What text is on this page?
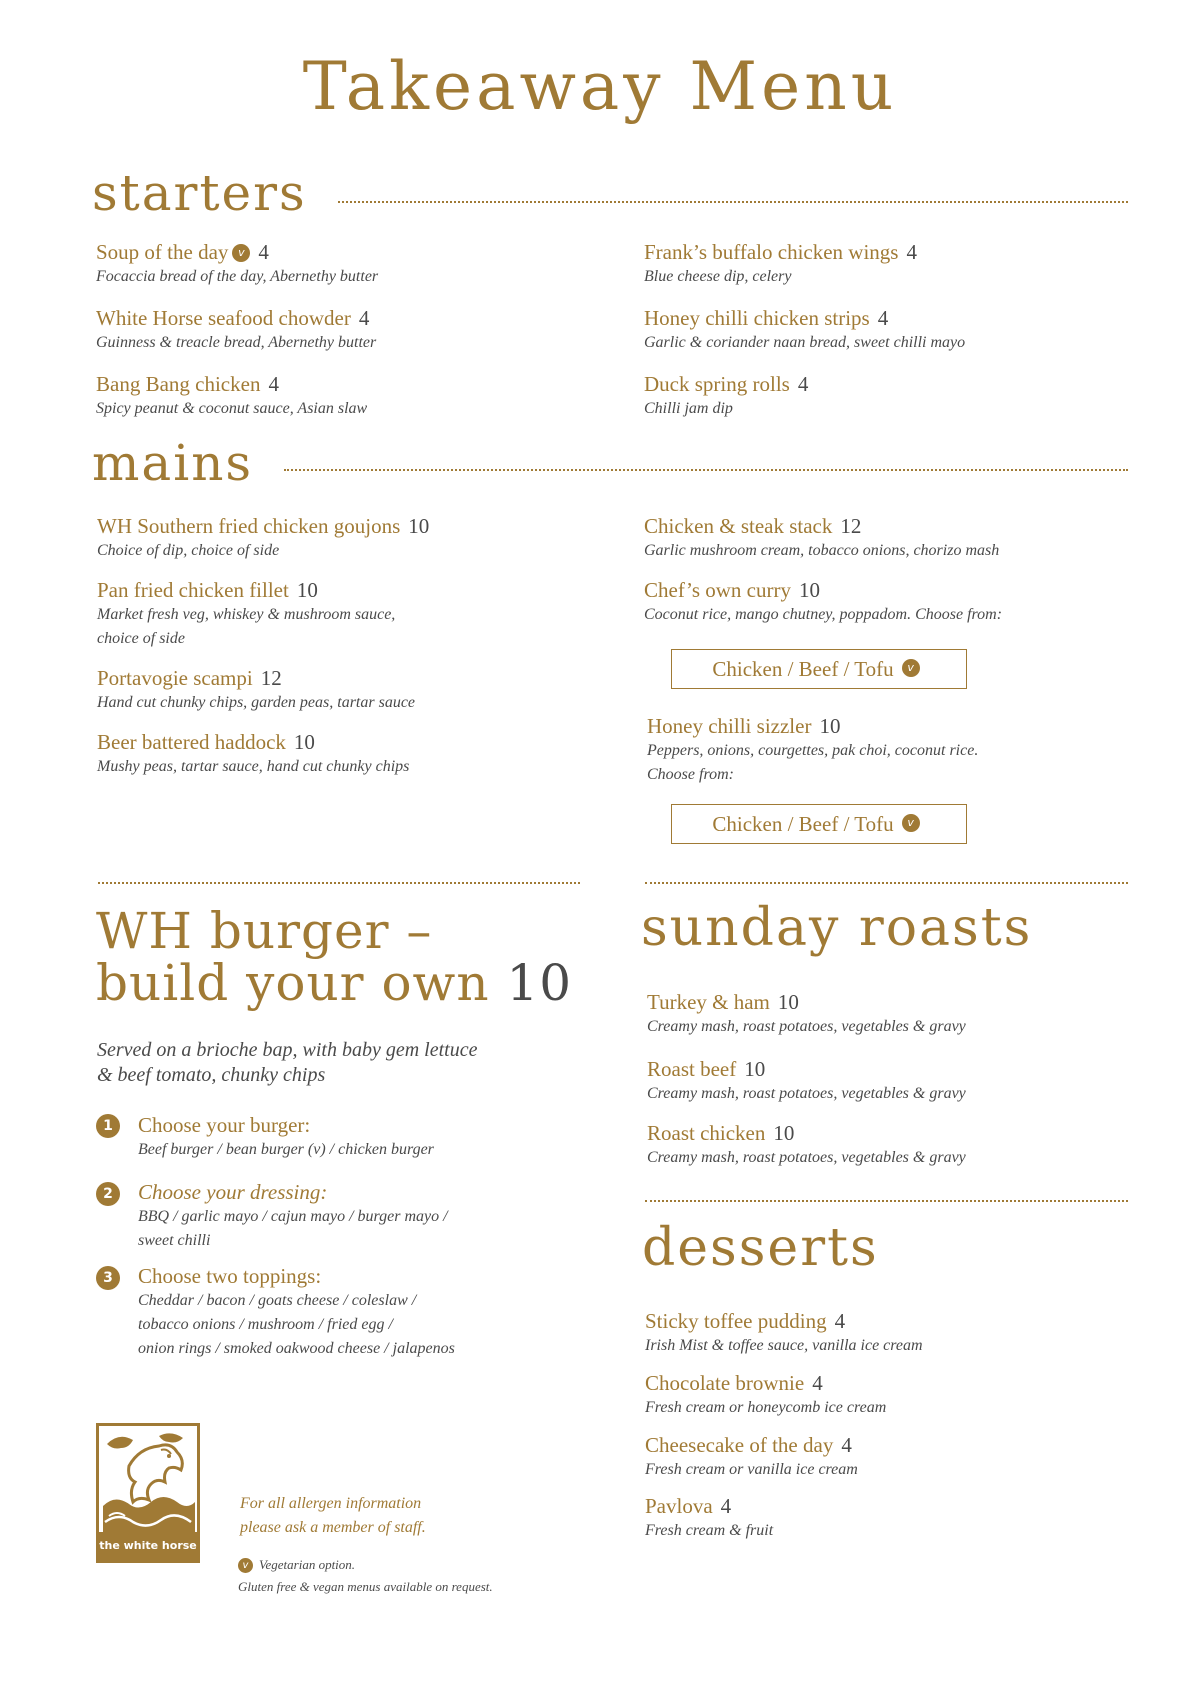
Takeaway Menu
starters
Soup of the day v 4
Focaccia bread of the day, Abernethy butter
White Horse seafood chowder 4
Guinness & treacle bread, Abernethy butter
Bang Bang chicken 4
Spicy peanut & coconut sauce, Asian slaw
Frank’s buffalo chicken wings 4
Blue cheese dip, celery
Honey chilli chicken strips 4
Garlic & coriander naan bread, sweet chilli mayo
Duck spring rolls 4
Chilli jam dip
mains
WH Southern fried chicken goujons 10
Choice of dip, choice of side
Pan fried chicken fillet 10
Market fresh veg, whiskey & mushroom sauce,
choice of side
Portavogie scampi 12
Hand cut chunky chips, garden peas, tartar sauce
Beer battered haddock 10
Mushy peas, tartar sauce, hand cut chunky chips
Chicken & steak stack 12
Garlic mushroom cream, tobacco onions, chorizo mash
Chef’s own curry 10
Coconut rice, mango chutney, poppadom. Choose from:
Chicken / Beef / Tofu	v
Honey chilli sizzler 10
Peppers, onions, courgettes, pak choi, coconut rice.
Choose from:
Chicken / Beef / Tofu	v
WH burger –
build your own 10
Served on a brioche bap, with baby gem lettuce
& beef tomato, chunky chips
1	Choose your burger:
Beef burger / bean burger (v) / chicken burger
2	Choose your dressing:
BBQ / garlic mayo / cajun mayo / burger mayo /
sweet chilli
3	Choose two toppings:
Cheddar / bacon / goats cheese / coleslaw /
tobacco onions / mushroom / fried egg /
onion rings / smoked oakwood cheese / jalapenos
sunday roasts
Turkey & ham 10
Creamy mash, roast potatoes, vegetables & gravy
Roast beef 10
Creamy mash, roast potatoes, vegetables & gravy
Roast chicken 10
Creamy mash, roast potatoes, vegetables & gravy
desserts
Sticky toffee pudding 4
Irish Mist & toffee sauce, vanilla ice cream
Chocolate brownie 4
Fresh cream or honeycomb ice cream
Cheesecake of the day 4
Fresh cream or vanilla ice cream
Pavlova 4
Fresh cream & fruit
the white horse
For all allergen information
please ask a member of staff.
v Vegetarian option.
Gluten free & vegan menus available on request.
